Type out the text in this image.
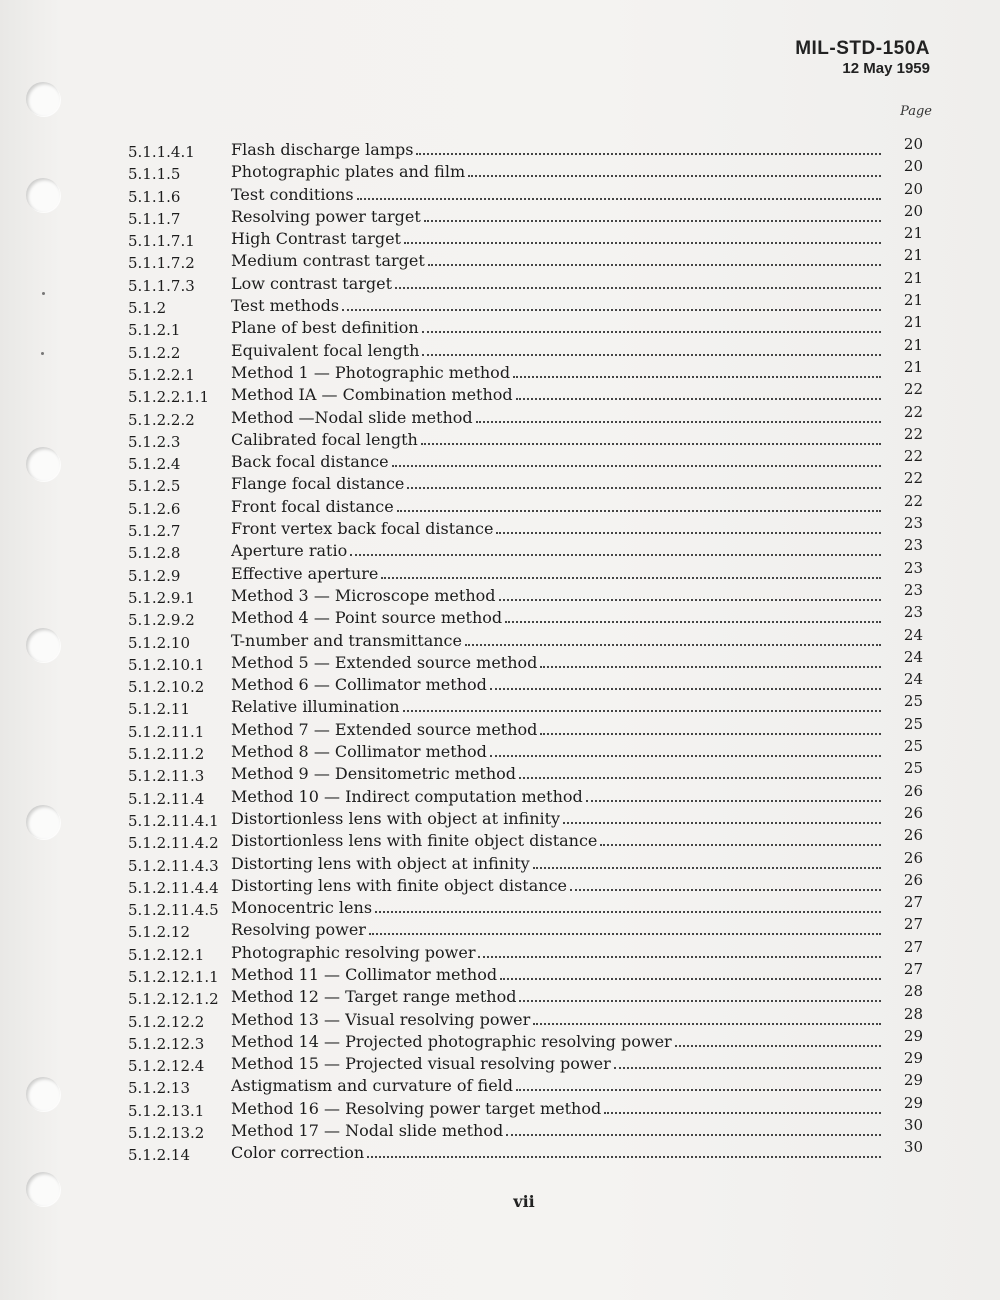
MIL-STD-150A
12 May 1959
Page
5.1.1.4.1 Flash discharge lamps	20
5.1.1.5	Photographic plates and film	20
5.1.1.6	Test conditions	20
5.1.1.7	Resolving power target	20
5.1.1.7.1 High Contrast target	21
5.1.1.7.2 Medium contrast target	21
5.1.1.7.3 Low contrast target	21
5.1.2	Test methods	21
5.1.2.1	Plane of best definition	21
5.1.2.2	Equivalent focal length	21
5.1.2.2.1 Method 1 — Photographic method	21
5.1.2.2.1.1 Method IA — Combination method	22
5.1.2.2.2 Method —Nodal slide method	22
5.1.2.3	Calibrated focal length	22
5.1.2.4	Back focal distance	22
5.1.2.5	Flange focal distance	22
5.1.2.6	Front focal distance	22
5.1.2.7	Front vertex back focal distance	23
5.1.2.8	Aperture ratio	23
5.1.2.9	Effective aperture	23
5.1.2.9.1 Method 3 — Microscope method	23
5.1.2.9.2 Method 4 — Point source method	23
5.1.2.10	T-number and transmittance	24
5.1.2.10.1 Method 5 — Extended source method	24
5.1.2.10.2 Method 6 — Collimator method	24
5.1.2.11	Relative illumination	25
5.1.2.11.1 Method 7 — Extended source method	25
5.1.2.11.2 Method 8 — Collimator method	25
5.1.2.11.3 Method 9 — Densitometric method	25
5.1.2.11.4 Method 10 — Indirect computation method	26
5.1.2.11.4.1 Distortionless lens with object at infinity	26
5.1.2.11.4.2 Distortionless lens with finite object distance	26
5.1.2.11.4.3 Distorting lens with object at infinity	26
5.1.2.11.4.4 Distorting lens with finite object distance	26
5.1.2.11.4.5 Monocentric lens	27
5.1.2.12	Resolving power	27
5.1.2.12.1 Photographic resolving power	27
5.1.2.12.1.1 Method 11 — Collimator method	27
5.1.2.12.1.2 Method 12 — Target range method	28
5.1.2.12.2 Method 13 — Visual resolving power	28
5.1.2.12.3 Method 14 — Projected photographic resolving power	29
5.1.2.12.4 Method 15 — Projected visual resolving power	29
5.1.2.13	Astigmatism and curvature of field	29
5.1.2.13.1 Method 16 — Resolving power target method	29
5.1.2.13.2 Method 17 — Nodal slide method	30
5.1.2.14	Color correction	30
vii
